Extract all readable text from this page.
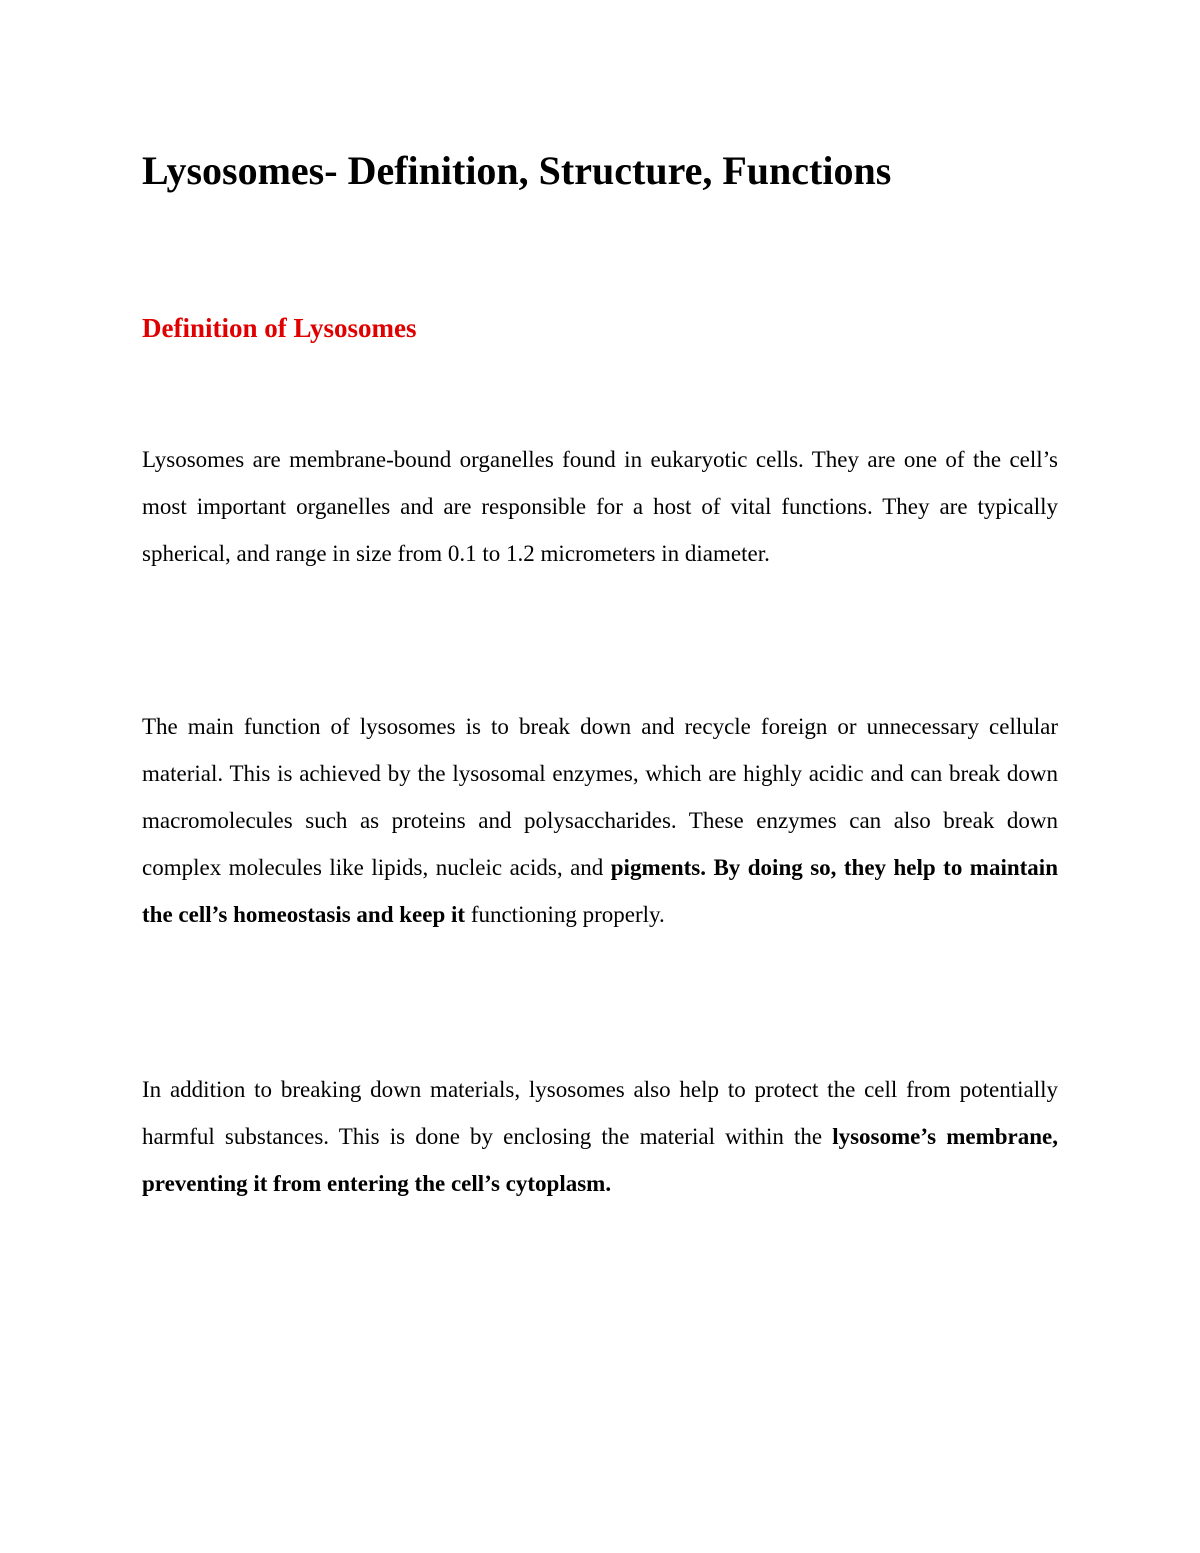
Lysosomes- Definition, Structure, Functions
Definition of Lysosomes

Lysosomes are membrane-bound organelles found in eukaryotic cells. They are one of the cell’s most important organelles and are responsible for a host of vital functions. They are typically spherical, and range in size from 0.1 to 1.2 micrometers in diameter.

The main function of lysosomes is to break down and recycle foreign or unnecessary cellular material. This is achieved by the lysosomal enzymes, which are highly acidic and can break down macromolecules such as proteins and polysaccharides. These enzymes can also break down complex molecules like lipids, nucleic acids, and pigments. By doing so, they help to maintain the cell’s homeostasis and keep it functioning properly.

In addition to breaking down materials, lysosomes also help to protect the cell from potentially harmful substances. This is done by enclosing the material within the lysosome’s membrane, preventing it from entering the cell’s cytoplasm.
